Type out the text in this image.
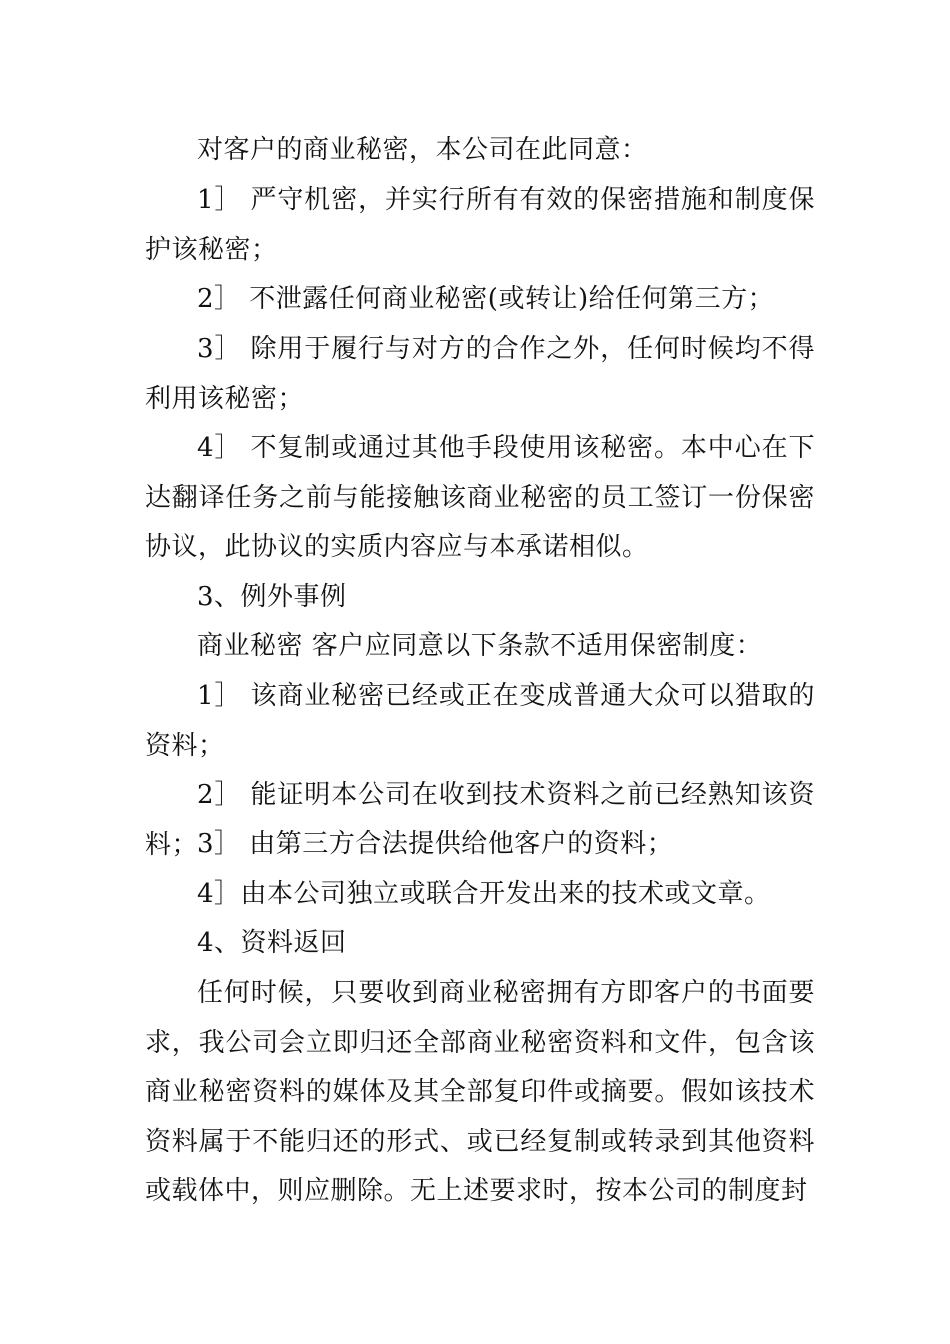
对客户的商业秘密，本公司在此同意：

1］ 严守机密，并实行所有有效的保密措施和制度保护该秘密；

2］ 不泄露任何商业秘密(或转让)给任何第三方；

3］ 除用于履行与对方的合作之外，任何时候均不得利用该秘密；

4］ 不复制或通过其他手段使用该秘密。本中心在下达翻译任务之前与能接触该商业秘密的员工签订一份保密协议，此协议的实质内容应与本承诺相似。

3、例外事例

商业秘密 客户应同意以下条款不适用保密制度：

1］ 该商业秘密已经或正在变成普通大众可以猎取的资料；

2］ 能证明本公司在收到技术资料之前已经熟知该资料；

3］ 由第三方合法提供给他客户的资料；

4］由本公司独立或联合开发出来的技术或文章。

4、资料返回

任何时候，只要收到商业秘密拥有方即客户的书面要求，我公司会立即归还全部商业秘密资料和文件，包含该商业秘密资料的媒体及其全部复印件或摘要。假如该技术资料属于不能归还的形式、或已经复制或转录到其他资料或载体中，则应删除。无上述要求时，按本公司的制度封
